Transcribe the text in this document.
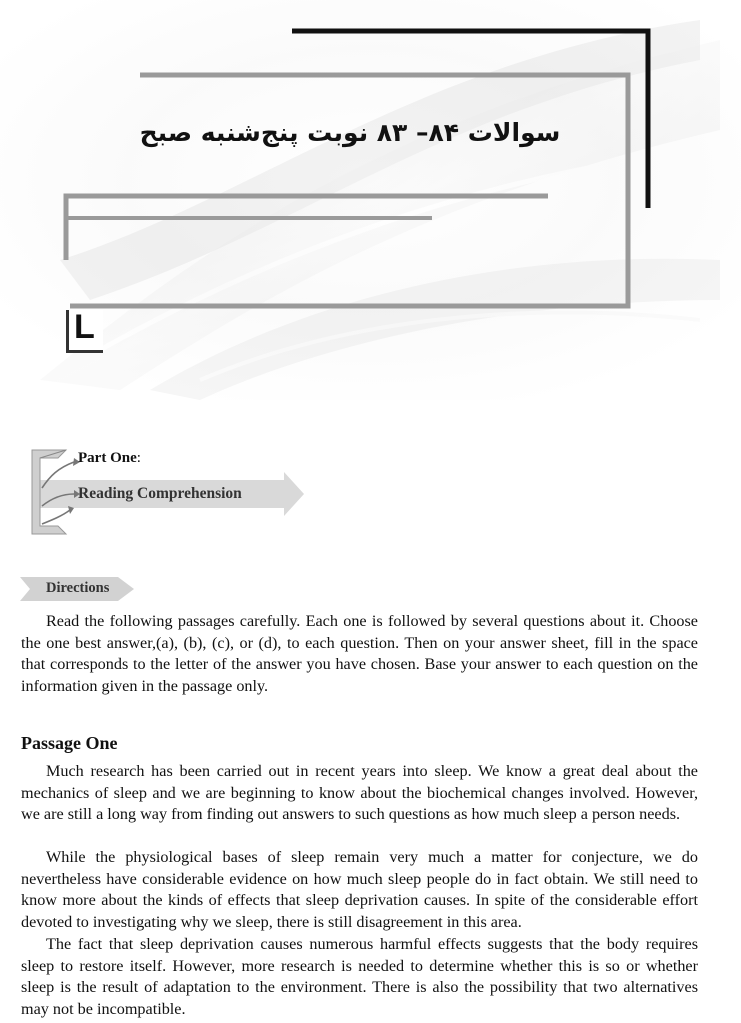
سوالات ۸۴– ۸۳ نوبت پنج‌شنبه صبح
L
Part One:
Reading Comprehension
Directions

Read the following passages carefully. Each one is followed by several questions about it. Choose the one best answer,(a), (b), (c), or (d), to each question. Then on your answer sheet, fill in the space that corresponds to the letter of the answer you have chosen. Base your answer to each question on the information given in the passage only.

Passage One

Much research has been carried out in recent years into sleep. We know a great deal about the mechanics of sleep and we are beginning to know about the biochemical changes involved. However, we are still a long way from finding out answers to such questions as how much sleep a person needs.

While the physiological bases of sleep remain very much a matter for conjecture, we do nevertheless have considerable evidence on how much sleep people do in fact obtain. We still need to know more about the kinds of effects that sleep deprivation causes. In spite of the considerable effort devoted to investigating why we sleep, there is still disagreement in this area.

The fact that sleep deprivation causes numerous harmful effects suggests that the body requires sleep to restore itself. However, more research is needed to determine whether this is so or whether sleep is the result of adaptation to the environment. There is also the possibility that two alternatives may not be incompatible.
